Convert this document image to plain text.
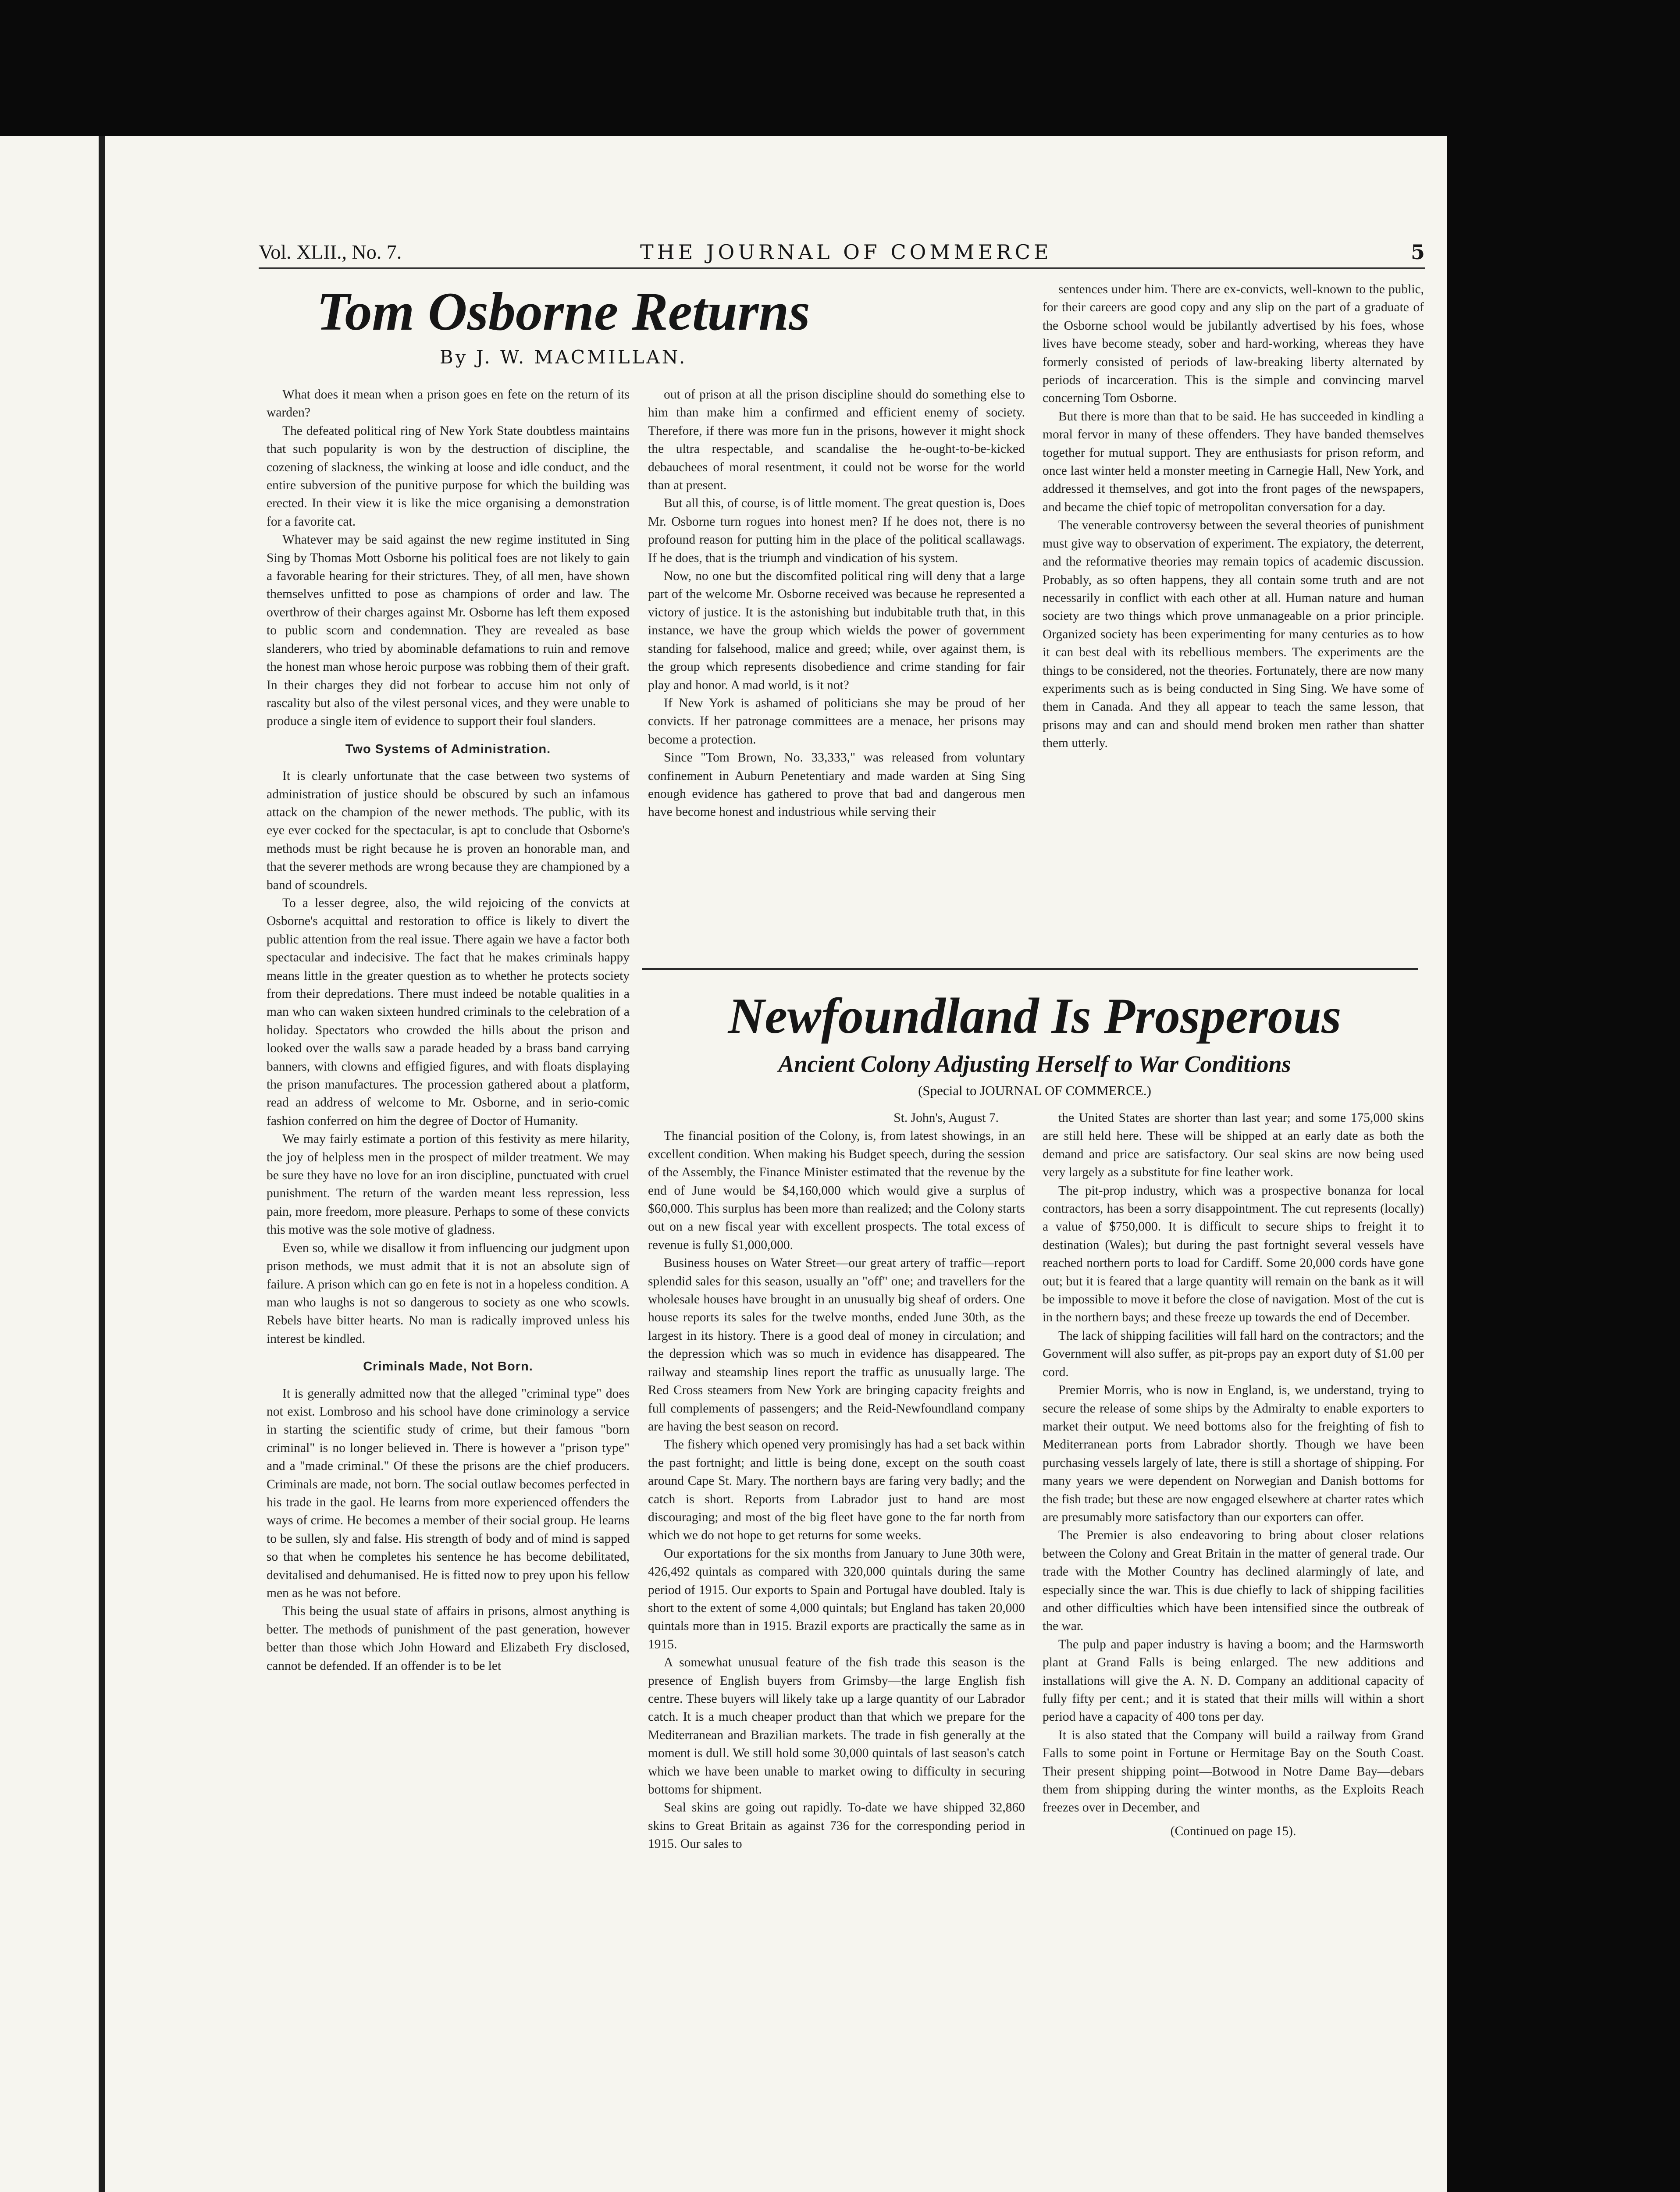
Vol. XLII., No. 7.	THE JOURNAL OF COMMERCE	5
Tom Osborne Returns

By J. W. MACMILLAN.

What does it mean when a prison goes en fete on the return of its warden?

The defeated political ring of New York State doubtless maintains that such popularity is won by the destruction of discipline, the cozening of slackness, the winking at loose and idle conduct, and the entire subversion of the punitive purpose for which the building was erected. In their view it is like the mice organising a demonstration for a favorite cat.

Whatever may be said against the new regime instituted in Sing Sing by Thomas Mott Osborne his political foes are not likely to gain a favorable hearing for their strictures. They, of all men, have shown themselves unfitted to pose as champions of order and law. The overthrow of their charges against Mr. Osborne has left them exposed to public scorn and condemnation. They are revealed as base slanderers, who tried by abominable defamations to ruin and remove the honest man whose heroic purpose was robbing them of their graft. In their charges they did not forbear to accuse him not only of rascality but also of the vilest personal vices, and they were unable to produce a single item of evidence to support their foul slanders.

Two Systems of Administration.

It is clearly unfortunate that the case between two systems of administration of justice should be obscured by such an infamous attack on the champion of the newer methods. The public, with its eye ever cocked for the spectacular, is apt to conclude that Osborne's methods must be right because he is proven an honorable man, and that the severer methods are wrong because they are championed by a band of scoundrels.

To a lesser degree, also, the wild rejoicing of the convicts at Osborne's acquittal and restoration to office is likely to divert the public attention from the real issue. There again we have a factor both spectacular and indecisive. The fact that he makes criminals happy means little in the greater question as to whether he protects society from their depredations. There must indeed be notable qualities in a man who can waken sixteen hundred criminals to the celebration of a holiday. Spectators who crowded the hills about the prison and looked over the walls saw a parade headed by a brass band carrying banners, with clowns and effigied figures, and with floats displaying the prison manufactures. The procession gathered about a platform, read an address of welcome to Mr. Osborne, and in serio-comic fashion conferred on him the degree of Doctor of Humanity.

We may fairly estimate a portion of this festivity as mere hilarity, the joy of helpless men in the prospect of milder treatment. We may be sure they have no love for an iron discipline, punctuated with cruel punishment. The return of the warden meant less repression, less pain, more freedom, more pleasure. Perhaps to some of these convicts this motive was the sole motive of gladness.

Even so, while we disallow it from influencing our judgment upon prison methods, we must admit that it is not an absolute sign of failure. A prison which can go en fete is not in a hopeless condition. A man who laughs is not so dangerous to society as one who scowls. Rebels have bitter hearts. No man is radically improved unless his interest be kindled.

Criminals Made, Not Born.

It is generally admitted now that the alleged "criminal type" does not exist. Lombroso and his school have done criminology a service in starting the scientific study of crime, but their famous "born criminal" is no longer believed in. There is however a "prison type" and a "made criminal." Of these the prisons are the chief producers. Criminals are made, not born. The social outlaw becomes perfected in his trade in the gaol. He learns from more experienced offenders the ways of crime. He becomes a member of their social group. He learns to be sullen, sly and false. His strength of body and of mind is sapped so that when he completes his sentence he has become debilitated, devitalised and dehumanised. He is fitted now to prey upon his fellow men as he was not before.

This being the usual state of affairs in prisons, almost anything is better. The methods of punishment of the past generation, however better than those which John Howard and Elizabeth Fry disclosed, cannot be defended. If an offender is to be let

out of prison at all the prison discipline should do something else to him than make him a confirmed and efficient enemy of society. Therefore, if there was more fun in the prisons, however it might shock the ultra respectable, and scandalise the he-ought-to-be-kicked debauchees of moral resentment, it could not be worse for the world than at present.

But all this, of course, is of little moment. The great question is, Does Mr. Osborne turn rogues into honest men? If he does not, there is no profound reason for putting him in the place of the political scallawags. If he does, that is the triumph and vindication of his system.

Now, no one but the discomfited political ring will deny that a large part of the welcome Mr. Osborne received was because he represented a victory of justice. It is the astonishing but indubitable truth that, in this instance, we have the group which wields the power of government standing for falsehood, malice and greed; while, over against them, is the group which represents disobedience and crime standing for fair play and honor. A mad world, is it not?

If New York is ashamed of politicians she may be proud of her convicts. If her patronage committees are a menace, her prisons may become a protection.

Since "Tom Brown, No. 33,333," was released from voluntary confinement in Auburn Penetentiary and made warden at Sing Sing enough evidence has gathered to prove that bad and dangerous men have become honest and industrious while serving their

sentences under him. There are ex-convicts, well-known to the public, for their careers are good copy and any slip on the part of a graduate of the Osborne school would be jubilantly advertised by his foes, whose lives have become steady, sober and hard-working, whereas they have formerly consisted of periods of law-breaking liberty alternated by periods of incarceration. This is the simple and convincing marvel concerning Tom Osborne.

But there is more than that to be said. He has succeeded in kindling a moral fervor in many of these offenders. They have banded themselves together for mutual support. They are enthusiasts for prison reform, and once last winter held a monster meeting in Carnegie Hall, New York, and addressed it themselves, and got into the front pages of the newspapers, and became the chief topic of metropolitan conversation for a day.

The venerable controversy between the several theories of punishment must give way to observation of experiment. The expiatory, the deterrent, and the reformative theories may remain topics of academic discussion. Probably, as so often happens, they all contain some truth and are not necessarily in conflict with each other at all. Human nature and human society are two things which prove unmanageable on a prior principle. Organized society has been experimenting for many centuries as to how it can best deal with its rebellious members. The experiments are the things to be considered, not the theories. Fortunately, there are now many experiments such as is being conducted in Sing Sing. We have some of them in Canada. And they all appear to teach the same lesson, that prisons may and can and should mend broken men rather than shatter them utterly.

Newfoundland Is Prosperous
Ancient Colony Adjusting Herself to War Conditions
(Special to JOURNAL OF COMMERCE.)

St. John's, August 7.

The financial position of the Colony, is, from latest showings, in an excellent condition. When making his Budget speech, during the session of the Assembly, the Finance Minister estimated that the revenue by the end of June would be $4,160,000 which would give a surplus of $60,000. This surplus has been more than realized; and the Colony starts out on a new fiscal year with excellent prospects. The total excess of revenue is fully $1,000,000.

Business houses on Water Street—our great artery of traffic—report splendid sales for this season, usually an "off" one; and travellers for the wholesale houses have brought in an unusually big sheaf of orders. One house reports its sales for the twelve months, ended June 30th, as the largest in its history. There is a good deal of money in circulation; and the depression which was so much in evidence has disappeared. The railway and steamship lines report the traffic as unusually large. The Red Cross steamers from New York are bringing capacity freights and full complements of passengers; and the Reid-Newfoundland company are having the best season on record.

The fishery which opened very promisingly has had a set back within the past fortnight; and little is being done, except on the south coast around Cape St. Mary. The northern bays are faring very badly; and the catch is short. Reports from Labrador just to hand are most discouraging; and most of the big fleet have gone to the far north from which we do not hope to get returns for some weeks.

Our exportations for the six months from January to June 30th were, 426,492 quintals as compared with 320,000 quintals during the same period of 1915. Our exports to Spain and Portugal have doubled. Italy is short to the extent of some 4,000 quintals; but England has taken 20,000 quintals more than in 1915. Brazil exports are practically the same as in 1915.

A somewhat unusual feature of the fish trade this season is the presence of English buyers from Grimsby—the large English fish centre. These buyers will likely take up a large quantity of our Labrador catch. It is a much cheaper product than that which we prepare for the Mediterranean and Brazilian markets. The trade in fish generally at the moment is dull. We still hold some 30,000 quintals of last season's catch which we have been unable to market owing to difficulty in securing bottoms for shipment.

Seal skins are going out rapidly. To-date we have shipped 32,860 skins to Great Britain as against 736 for the corresponding period in 1915. Our sales to

the United States are shorter than last year; and some 175,000 skins are still held here. These will be shipped at an early date as both the demand and price are satisfactory. Our seal skins are now being used very largely as a substitute for fine leather work.

The pit-prop industry, which was a prospective bonanza for local contractors, has been a sorry disappointment. The cut represents (locally) a value of $750,000. It is difficult to secure ships to freight it to destination (Wales); but during the past fortnight several vessels have reached northern ports to load for Cardiff. Some 20,000 cords have gone out; but it is feared that a large quantity will remain on the bank as it will be impossible to move it before the close of navigation. Most of the cut is in the northern bays; and these freeze up towards the end of December.

The lack of shipping facilities will fall hard on the contractors; and the Government will also suffer, as pit-props pay an export duty of $1.00 per cord.

Premier Morris, who is now in England, is, we understand, trying to secure the release of some ships by the Admiralty to enable exporters to market their output. We need bottoms also for the freighting of fish to Mediterranean ports from Labrador shortly. Though we have been purchasing vessels largely of late, there is still a shortage of shipping. For many years we were dependent on Norwegian and Danish bottoms for the fish trade; but these are now engaged elsewhere at charter rates which are presumably more satisfactory than our exporters can offer.

The Premier is also endeavoring to bring about closer relations between the Colony and Great Britain in the matter of general trade. Our trade with the Mother Country has declined alarmingly of late, and especially since the war. This is due chiefly to lack of shipping facilities and other difficulties which have been intensified since the outbreak of the war.

The pulp and paper industry is having a boom; and the Harmsworth plant at Grand Falls is being enlarged. The new additions and installations will give the A. N. D. Company an additional capacity of fully fifty per cent.; and it is stated that their mills will within a short period have a capacity of 400 tons per day.

It is also stated that the Company will build a railway from Grand Falls to some point in Fortune or Hermitage Bay on the South Coast. Their present shipping point—Botwood in Notre Dame Bay—debars them from shipping during the winter months, as the Exploits Reach freezes over in December, and

(Continued on page 15).
